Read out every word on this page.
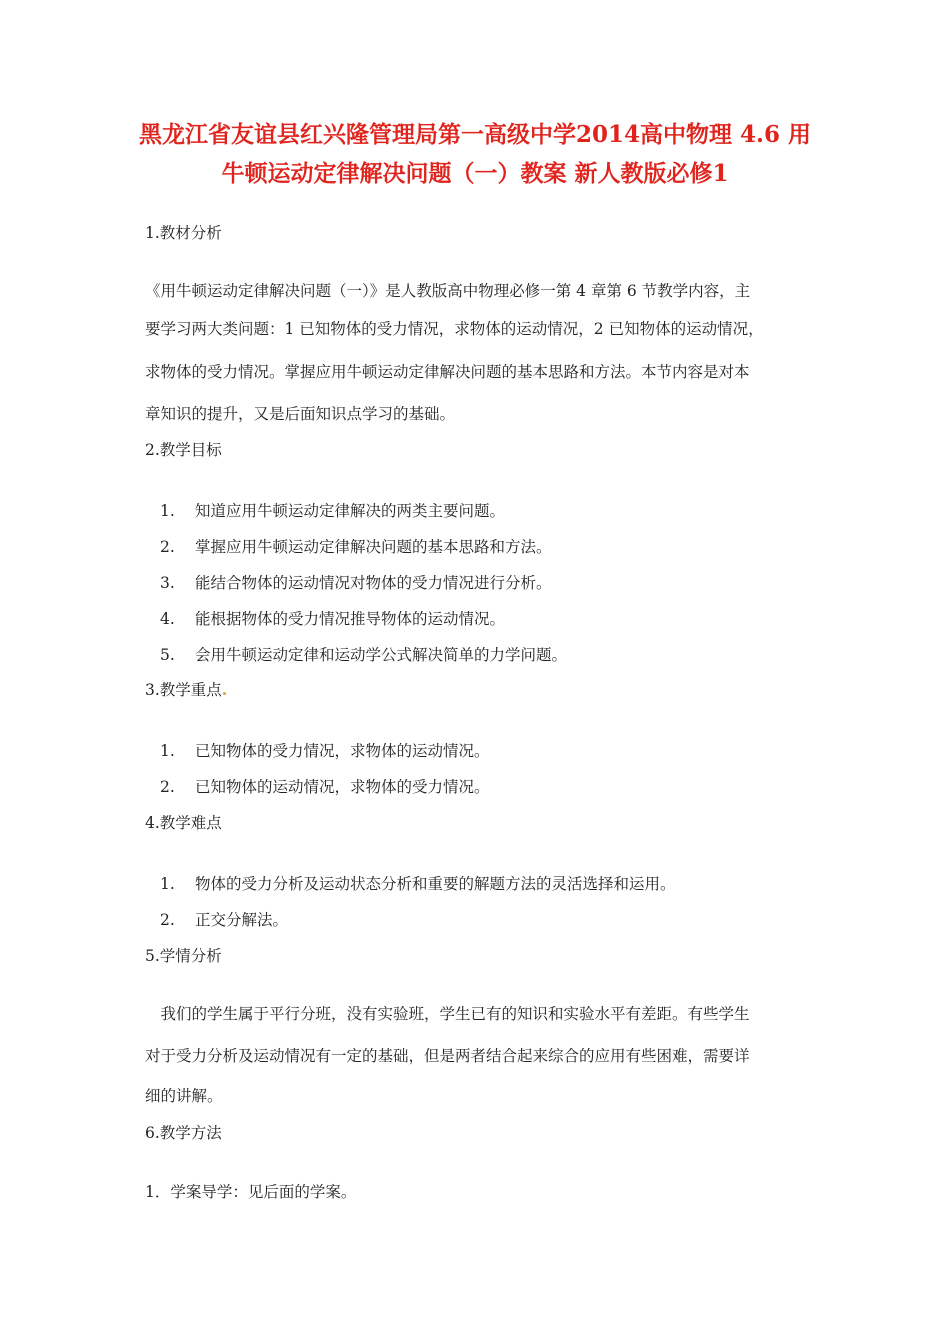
黑龙江省友谊县红兴隆管理局第一高级中学2014高中物理 4.6 用
牛顿运动定律解决问题（一）教案 新人教版必修1
1.教材分析
《用牛顿运动定律解决问题（一）》是人教版高中物理必修一第 4 章第 6 节教学内容，主
要学习两大类问题：1 已知物体的受力情况，求物体的运动情况，2 已知物体的运动情况，
求物体的受力情况。掌握应用牛顿运动定律解决问题的基本思路和方法。本节内容是对本
章知识的提升，又是后面知识点学习的基础。
2.教学目标
1. 知道应用牛顿运动定律解决的两类主要问题。
2. 掌握应用牛顿运动定律解决问题的基本思路和方法。
3. 能结合物体的运动情况对物体的受力情况进行分析。
4. 能根据物体的受力情况推导物体的运动情况。
5. 会用牛顿运动定律和运动学公式解决简单的力学问题。
3.教学重点
1. 已知物体的受力情况，求物体的运动情况。
2. 已知物体的运动情况，求物体的受力情况。
4.教学难点
1. 物体的受力分析及运动状态分析和重要的解题方法的灵活选择和运用。
2. 正交分解法。
5.学情分析
　我们的学生属于平行分班，没有实验班，学生已有的知识和实验水平有差距。有些学生
对于受力分析及运动情况有一定的基础，但是两者结合起来综合的应用有些困难，需要详
细的讲解。
6.教学方法
1．学案导学：见后面的学案。
